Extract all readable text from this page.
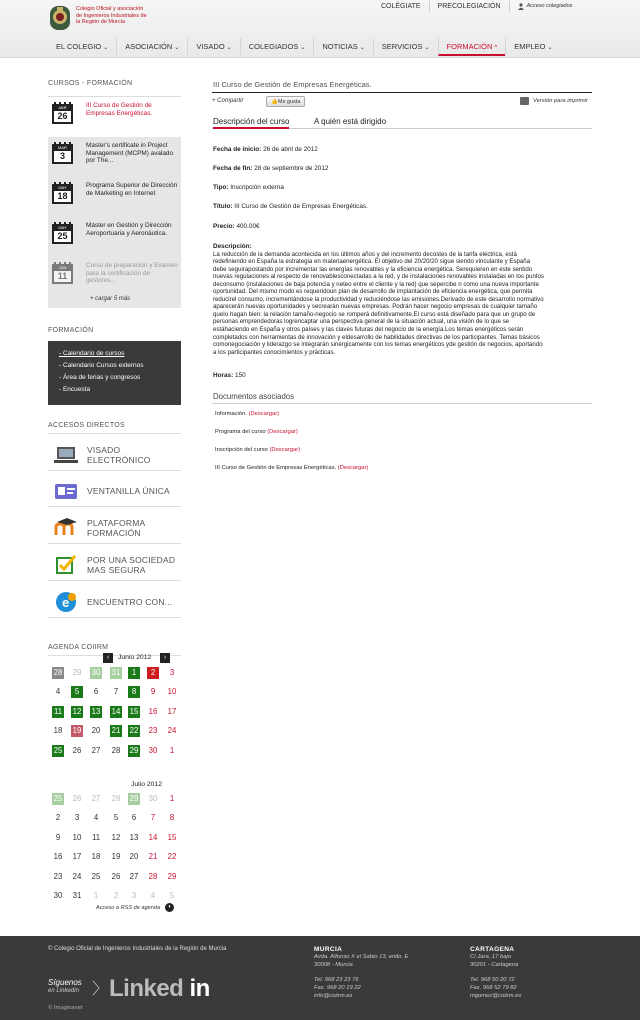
Colegio Oficial y asociación
de Ingenieros Industriales de
la Región de Murcia
COLÉGIATE	PRECOLEGIACIÓN	Acceso colegiados
EL COLEGIO ⌄	ASOCIACIÓN ⌄	VISADO ⌄	COLEGIADOS ⌄	NOTICIAS ⌄	SERVICIOS ⌄	FORMACIÓN ^	EMPLEO ⌄
CURSOS - FORMACIÓN
ABR
26
III Curso de Gestión de Empresas Energéticas.
MAR
3
Master's certificate in Project Management (MCPM) avalado por The...
MAY
18
Programa Superior de Dirección de Marketing en Internet
MAY
25
Máster en Gestión y Dirección Aeroportuaria y Aeronáutica.
JUN
11
Curso de preparación y Examen para la certificación de gestores...
+ cargar 5 más
FORMACIÓN
- Calendario de cursos
- Calendario Cursos externos
- Área de ferias y congresos
- Encuesta
ACCESOS DIRECTOS
VISADO
ELECTRÓNICO
VENTANILLA ÚNICA
PLATAFORMA
FORMACIÓN
POR UNA SOCIEDAD
MAS SEGURA
e ENCUENTRO CON...
AGENDA COIIRM
‹	Junio 2012	›
28 29 30 31	1	2	3
4	5	6	7	8	9	10
11 12 13 14 15 16 17
18 19 20 21 22 23 24
25 26 27 28 29 30	1
Julio 2012
25 26 27 28 29 30	1
2	3	4	5	6	7	8
9	10 11 12 13 14 15
16 17 18 19 20 21 22
23 24 25 26 27 28 29
30 31	1	2	3	4	5
Acceso a RSS de agenda	◗
III Curso de Gestión de Empresas Energéticas.
+ Compartir	👍Me gusta	Versión para imprimir
Descripción del curso	A quién está dirigido
Fecha de inicio: 26 de abril de 2012
Fecha de fin: 28 de septiembre de 2012
Tipo: Inscripción externa
Título: III Curso de Gestión de Empresas Energéticas.
Precio: 400.00€
Descripción:
La reducción de la demanda acontecida en los últimos años y del incremento decostes de la tarifa eléctrica, está
redefiniendo en España la estrategia en materiaenergética. El objetivo del 20/20/20 sigue siendo vinculante y España
debe seguirapostando por incrementar las energías renovables y la eficiencia energética. Serequieren en este sentido
nuevas regulaciones al respecto de renovablesconectadas a la red, y de instalaciones renovables instaladas en los puntos
deconsumo (instalaciones de baja potencia y neteo entre el cliente y la red) que sepercibe n como una nueva importante
oportunidad. Del mismo modo es requeridoun plan de desarrollo de implantación de eficiencia energética, que permita
reducirel consumo, incrementándose la productividad y reduciéndose las emisiones.Derivado de este desarrollo normativo
aparecerán nuevas oportunidades y secrearán nuevas empresas. Podrán hacer negocio empresas de cualquier tamaño
queIo hagan bien: la relación tamaño-negocio se romperá definitivamente.El curso está diseñado para que un grupo de
personas emprendedoras logrencaptar una perspectiva general de la situación actual, una visión de lo que se
estáhaciendo en España y otros países y las claves futuras del negocio de la energía.Los temas energéticos serán
completados con herramientas de innovación y eldesarrollo de habilidades directivas de los participantes. Temas básicos
comonegociación y liderazgo se integrarán sinérgicamente con los temas energéticos yde gestión de negocios, aportando
a los participantes conocimientos y prácticas.
Horas: 150
Documentos asociados
Información. (Descargar)
Programa del curso (Descargar)
Inscripción del curso (Descargar)
III Curso de Gestión de Empresas Energéticas. (Descargar)
© Colegio Oficial de Ingenieros Industriales de la Región de Murcia	MURCIA
Avda. Alfonso X el Sabio 13, entlo. E
30008 - Murcia

Tel. 968 23 23 76
Fax. 968 20 19 22
info@coiirm.es
CARTAGENA
C/ Jara, 17 bajo
30201 - Cartagena

Tel. 968 50 20 72
Fax. 968 52 79 82
mgomez@coiirm.es
Síguenos
en LinkedIn 〉 Linked in
© Imaginanet
